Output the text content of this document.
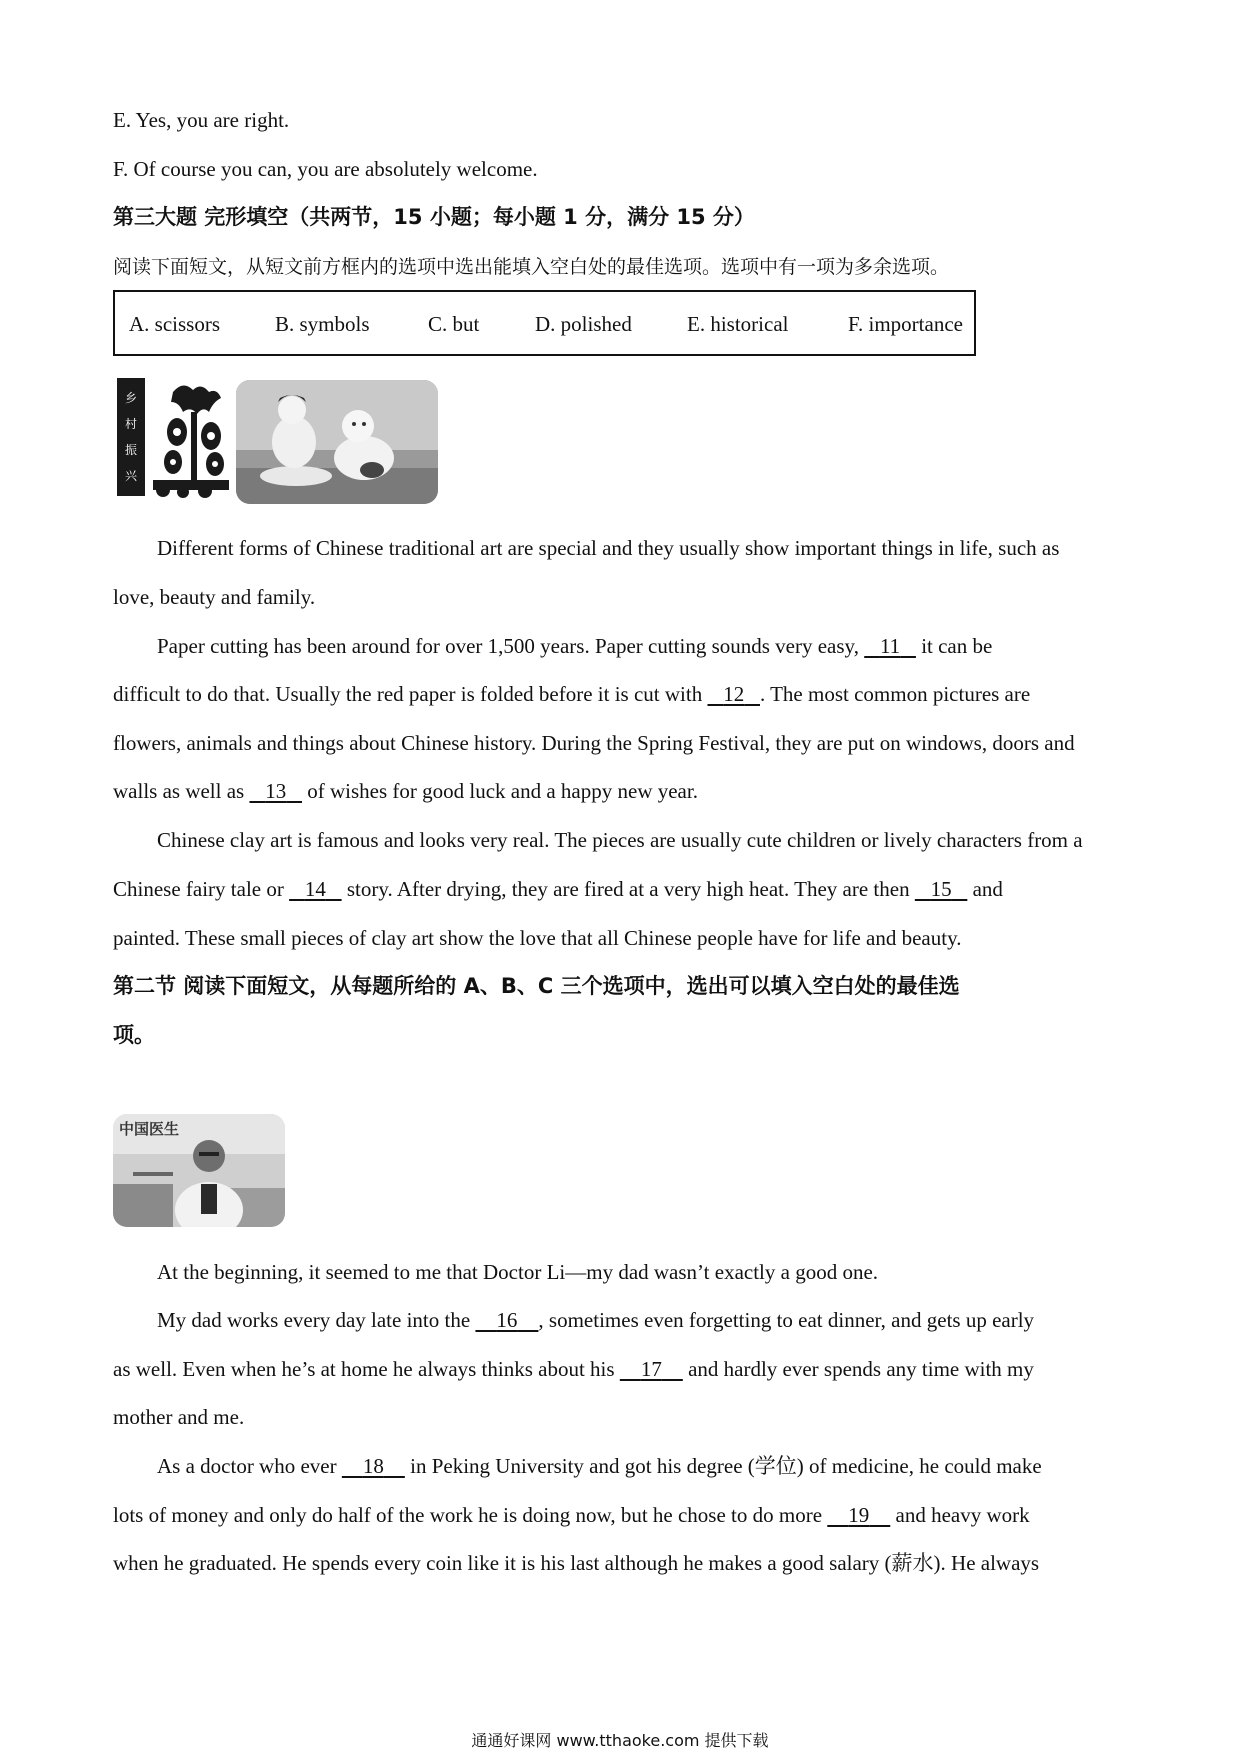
E. Yes, you are right.
F. Of course you can, you are absolutely welcome.
第三大题 完形填空（共两节，15 小题；每小题 1 分，满分 15 分）
阅读下面短文，从短文前方框内的选项中选出能填入空白处的最佳选项。选项中有一项为多余选项。
A. scissors	B. symbols	C. but	D. polished	E. historical	F. importance
乡
村
振
兴
Different forms of Chinese traditional art are special and they usually show important things in life, such as
love, beauty and family.
Paper cutting has been around for over 1,500 years. Paper cutting sounds very easy,    11    it can be
difficult to do that. Usually the red paper is folded before it is cut with    12 . The most common pictures are
flowers, animals and things about Chinese history. During the Spring Festival, they are put on windows, doors and
walls as well as    13    of wishes for good luck and a happy new year.
Chinese clay art is famous and looks very real. The pieces are usually cute children or lively characters from a
Chinese fairy tale or    14    story. After drying, they are fired at a very high heat. They are then    15    and
painted. These small pieces of clay art show the love that all Chinese people have for life and beauty.
第二节 阅读下面短文，从每题所给的 A、B、C 三个选项中，选出可以填入空白处的最佳选
项。
中国医生
At the beginning, it seemed to me that Doctor Li—my dad wasn’t exactly a good one.
My dad works every day late into the     16 , sometimes even forgetting to eat dinner, and gets up early
as well. Even when he’s at home he always thinks about his     17     and hardly ever spends any time with my
mother and me.
As a doctor who ever     18     in Peking University and got his degree (学位) of medicine, he could make
lots of money and only do half of the work he is doing now, but he chose to do more     19     and heavy work
when he graduated. He spends every coin like it is his last although he makes a good salary (薪水). He always
通通好课网 www.tthaoke.com 提供下载
